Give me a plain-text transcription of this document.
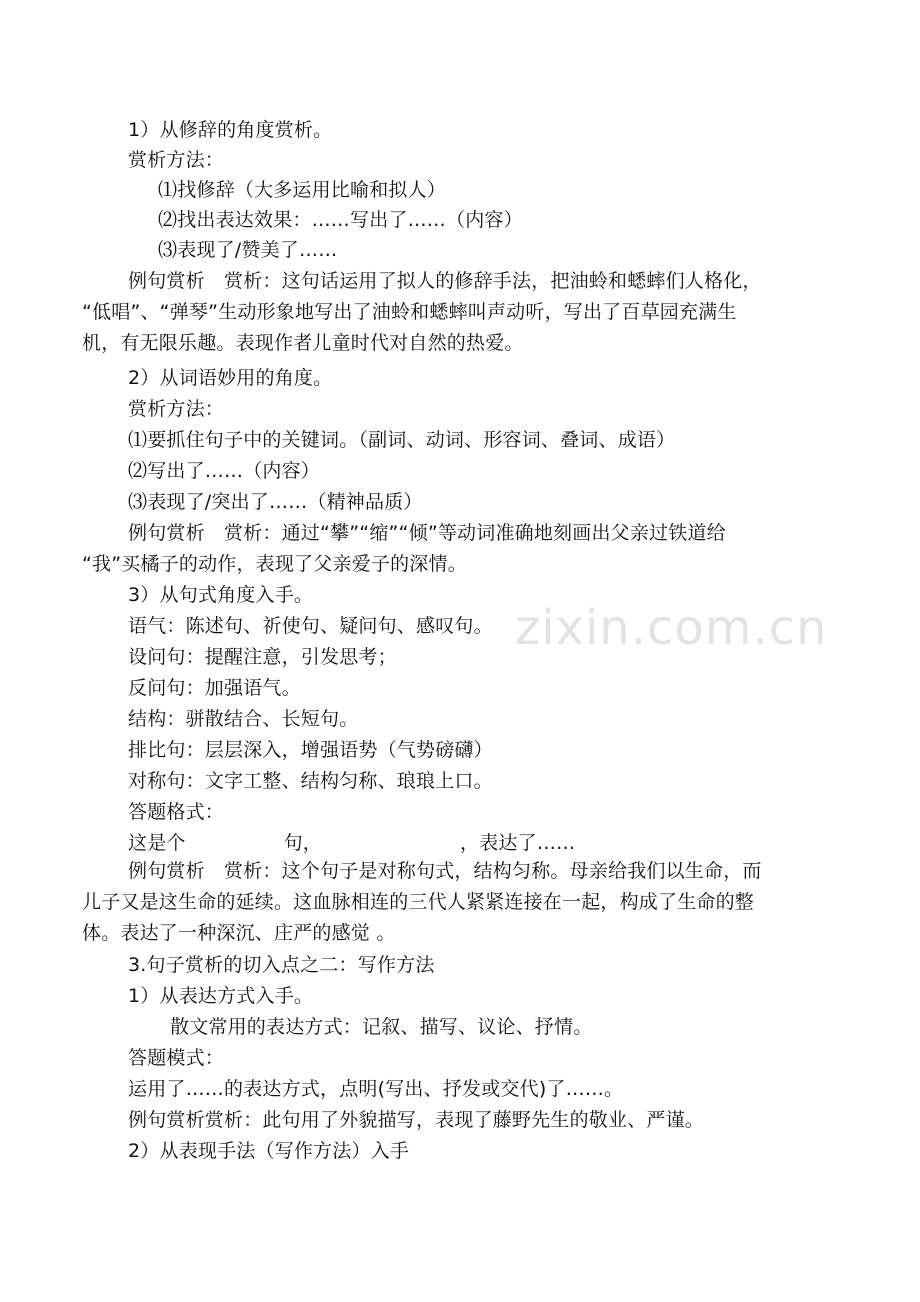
1）从修辞的角度赏析。
赏析方法：
⑴找修辞（大多运用比喻和拟人）
⑵找出表达效果：……写出了……（内容）
⑶表现了/赞美了……
例句赏析　赏析：这句话运用了拟人的修辞手法，把油蛉和蟋蟀们人格化，
“低唱”、“弹琴”生动形象地写出了油蛉和蟋蟀叫声动听，写出了百草园充满生
机，有无限乐趣。表现作者儿童时代对自然的热爱。
2）从词语妙用的角度。
赏析方法：
⑴要抓住句子中的关键词。（副词、动词、形容词、叠词、成语）
⑵写出了……（内容）
⑶表现了/突出了……（精神品质）
例句赏析　赏析：通过“攀”“缩”“倾”等动词准确地刻画出父亲过铁道给
“我”买橘子的动作，表现了父亲爱子的深情。
3）从句式角度入手。
语气：陈述句、祈使句、疑问句、感叹句。
设问句：提醒注意，引发思考；
反问句：加强语气。
结构：骈散结合、长短句。
排比句：层层深入，增强语势（气势磅礴）
对称句：文字工整、结构匀称、琅琅上口。
答题格式：
这是个	句，	，表达了……
例句赏析　赏析：这个句子是对称句式，结构匀称。母亲给我们以生命，而
儿子又是这生命的延续。这血脉相连的三代人紧紧连接在一起，构成了生命的整
体。表达了一种深沉、庄严的感觉 。
3.句子赏析的切入点之二：写作方法
1）从表达方式入手。
散文常用的表达方式：记叙、描写、议论、抒情。
答题模式：
运用了……的表达方式，点明(写出、抒发或交代)了……。
例句赏析赏析：此句用了外貌描写，表现了藤野先生的敬业、严谨。
2）从表现手法（写作方法）入手
zixin.com.cn
